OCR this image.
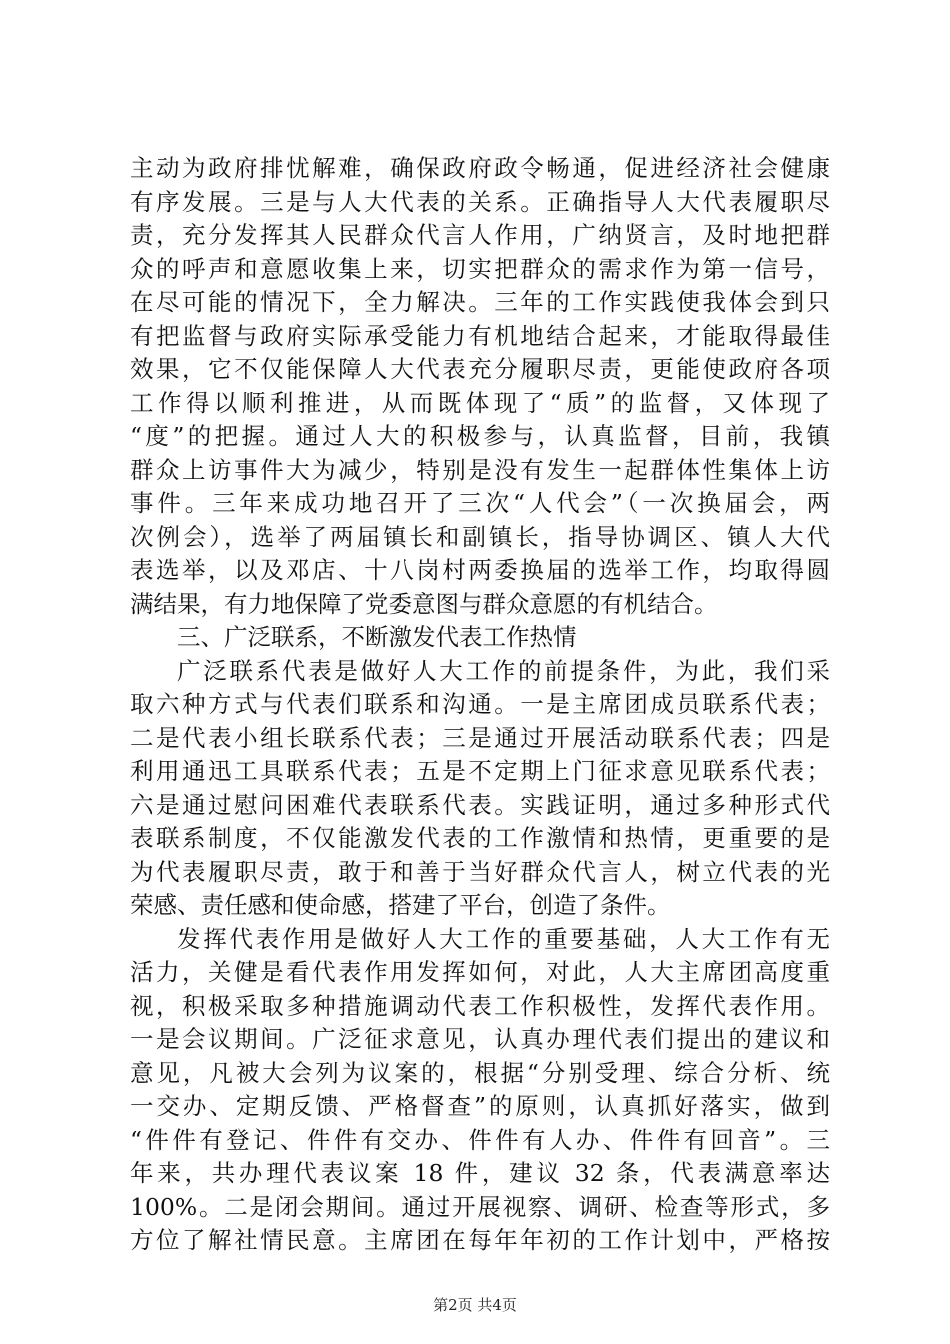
主动为政府排忧解难，确保政府政令畅通，促进经济社会健康
有序发展。三是与人大代表的关系。正确指导人大代表履职尽
责，充分发挥其人民群众代言人作用，广纳贤言，及时地把群
众的呼声和意愿收集上来，切实把群众的需求作为第一信号，
在尽可能的情况下，全力解决。三年的工作实践使我体会到只
有把监督与政府实际承受能力有机地结合起来，才能取得最佳
效果，它不仅能保障人大代表充分履职尽责，更能使政府各项
工作得以顺利推进，从而既体现了“质”的监督，又体现了
“度”的把握。通过人大的积极参与，认真监督，目前，我镇
群众上访事件大为减少，特别是没有发生一起群体性集体上访
事件。三年来成功地召开了三次“人代会”（一次换届会，两
次例会），选举了两届镇长和副镇长，指导协调区、镇人大代
表选举，以及邓店、十八岗村两委换届的选举工作，均取得圆
满结果，有力地保障了党委意图与群众意愿的有机结合。
三、广泛联系，不断激发代表工作热情
广泛联系代表是做好人大工作的前提条件，为此，我们采
取六种方式与代表们联系和沟通。一是主席团成员联系代表；
二是代表小组长联系代表；三是通过开展活动联系代表；四是
利用通迅工具联系代表；五是不定期上门征求意见联系代表；
六是通过慰问困难代表联系代表。实践证明，通过多种形式代
表联系制度，不仅能激发代表的工作激情和热情，更重要的是
为代表履职尽责，敢于和善于当好群众代言人，树立代表的光
荣感、责任感和使命感，搭建了平台，创造了条件。
发挥代表作用是做好人大工作的重要基础，人大工作有无
活力，关健是看代表作用发挥如何，对此，人大主席团高度重
视，积极采取多种措施调动代表工作积极性，发挥代表作用。
一是会议期间。广泛征求意见，认真办理代表们提出的建议和
意见，凡被大会列为议案的，根据“分别受理、综合分析、统
一交办、定期反馈、严格督查”的原则，认真抓好落实，做到
“件件有登记、件件有交办、件件有人办、件件有回音”。三
年来，共办理代表议案 18 件，建议 32 条，代表满意率达
100%。二是闭会期间。通过开展视察、调研、检查等形式，多
方位了解社情民意。主席团在每年年初的工作计划中，严格按
第2页 共4页
